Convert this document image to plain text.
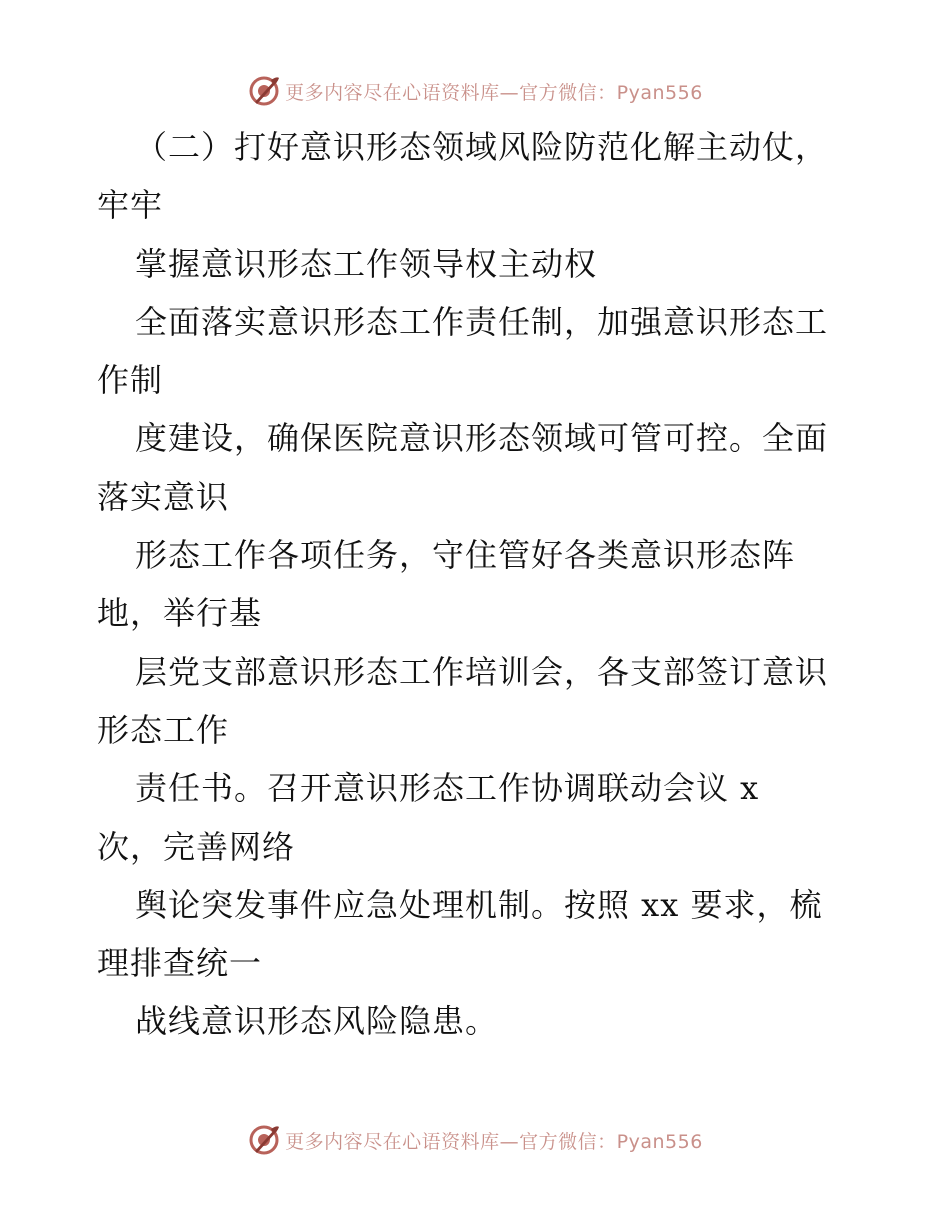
更多内容尽在心语资料库—官方微信：Pyan556
（二）打好意识形态领域风险防范化解主动仗，
牢牢
掌握意识形态工作领导权主动权
全面落实意识形态工作责任制，加强意识形态工
作制
度建设，确保医院意识形态领域可管可控。全面
落实意识
形态工作各项任务，守住管好各类意识形态阵
地，举行基
层党支部意识形态工作培训会，各支部签订意识
形态工作
责任书。召开意识形态工作协调联动会议 x
次，完善网络
舆论突发事件应急处理机制。按照 xx 要求，梳
理排查统一
战线意识形态风险隐患。
更多内容尽在心语资料库—官方微信：Pyan556
